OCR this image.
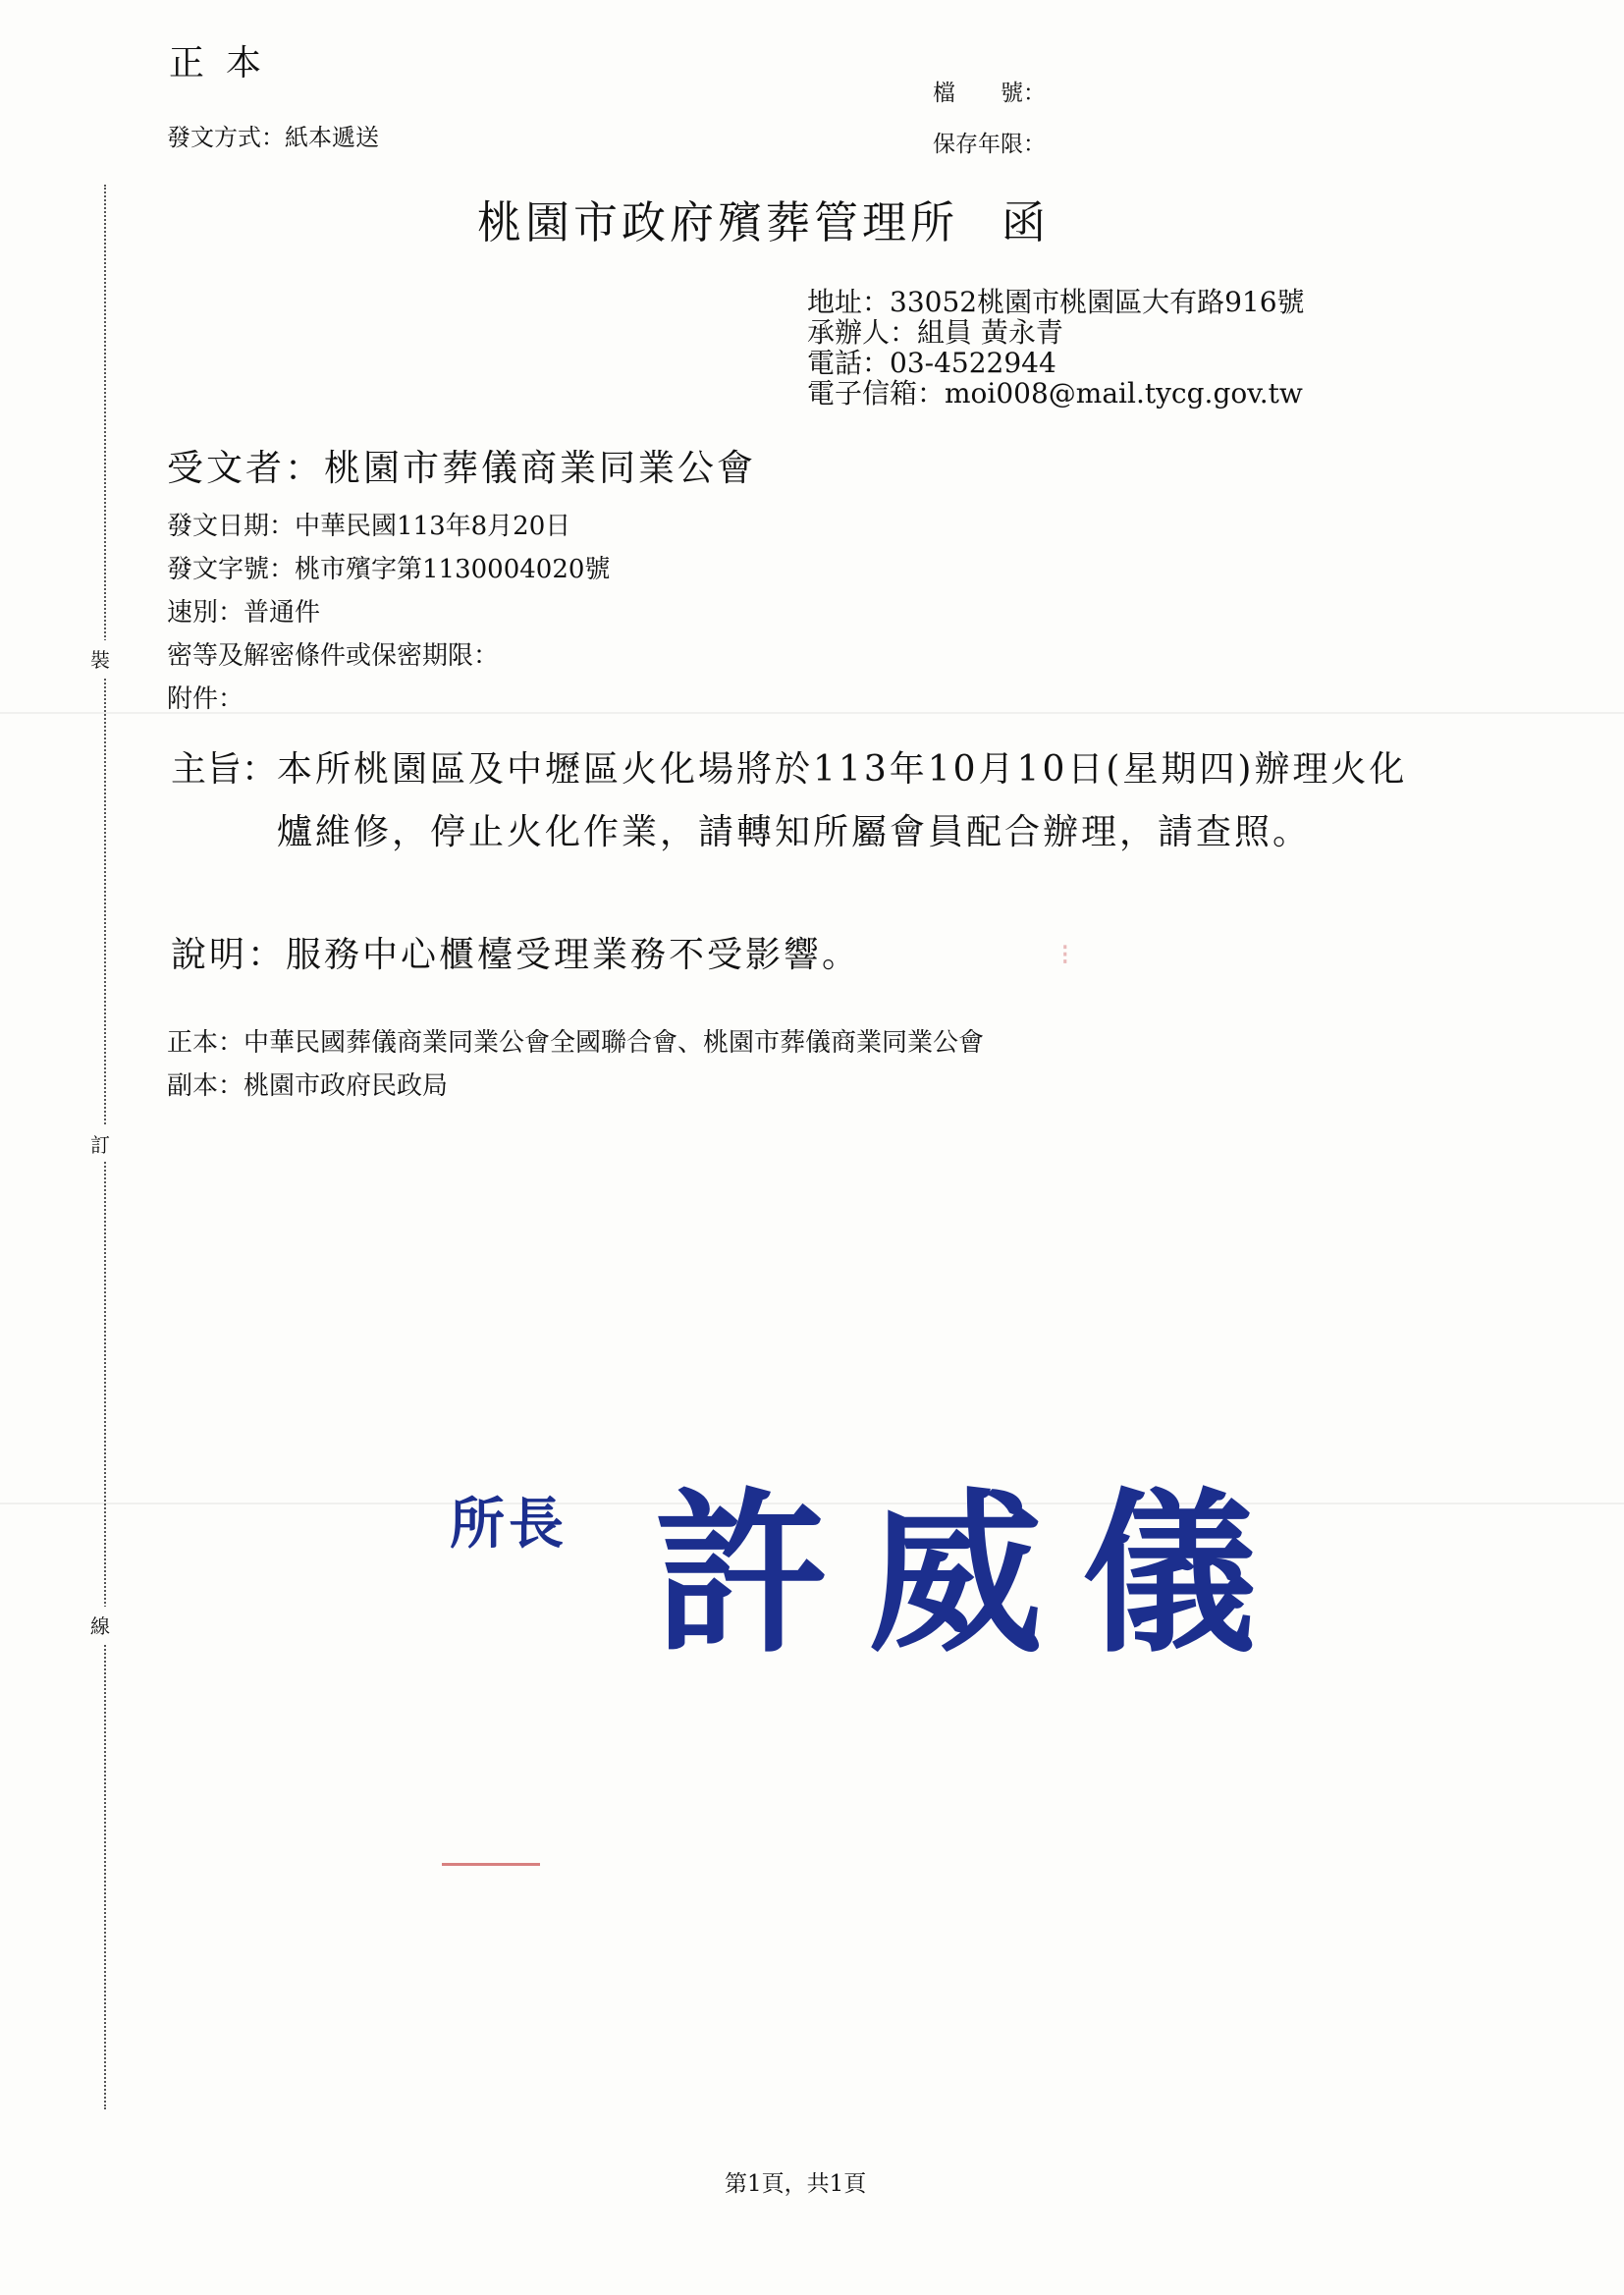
正本
發文方式：紙本遞送
檔　　號：
保存年限：
裝
訂
線
桃園市政府殯葬管理所 函
地址：33052桃園市桃園區大有路916號
承辦人：組員 黃永青
電話：03-4522944
電子信箱：moi008@mail.tycg.gov.tw
受文者：桃園市葬儀商業同業公會
發文日期：中華民國113年8月20日
發文字號：桃市殯字第1130004020號
速別：普通件
密等及解密條件或保密期限：
附件：
主旨： 本所桃園區及中壢區火化場將於113年10月10日(星期四)辦理火化爐維修，停止火化作業，請轉知所屬會員配合辦理，請查照。
說明：服務中心櫃檯受理業務不受影響。	⁝
正本：中華民國葬儀商業同業公會全國聯合會、桃園市葬儀商業同業公會
副本：桃園市政府民政局
所長 許威儀
第1頁，共1頁
